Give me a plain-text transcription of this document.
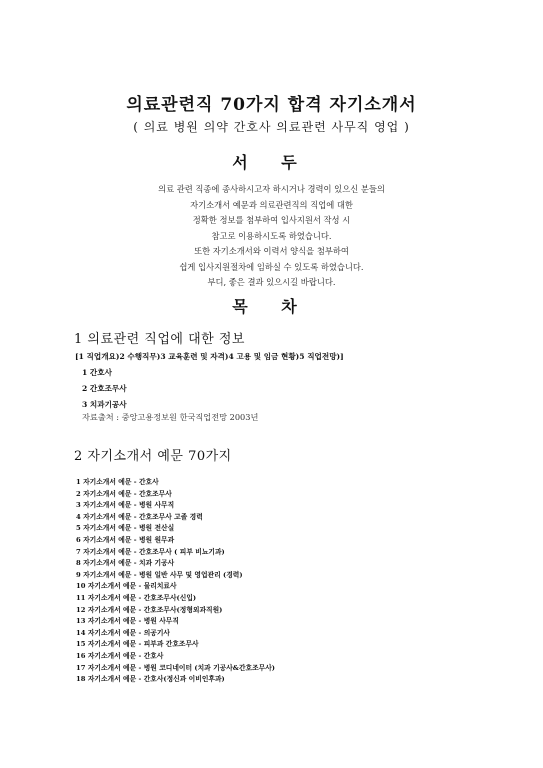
의료관련직 70가지 합격 자기소개서

( 의료 병원 의약 간호사 의료관련 사무직 영업 )

서 두
의료 관련 직종에 종사하시고자 하시거나 경력이 있으신 분들의
자기소개서 예문과 의료관련직의 직업에 대한
정확한 정보를 첨부하여 입사지원서 작성 시
참고로 이용하시도록 하였습니다.
또한 자기소개서와 이력서 양식을 첨부하여
쉽게 입사지원절차에 임하실 수 있도록 하였습니다.
부디, 좋은 결과 있으시길 바랍니다.
목 차
1 의료관련 직업에 대한 정보

[1 직업개요)2 수행직무)3 교육훈련 및 자격)4 고용 및 임금 현황)5 직업전망)]

1 간호사
2 간호조무사
3 치과기공사

자료출처 : 중앙고용정보원 한국직업전망 2003년

2 자기소개서 예문 70가지
1 자기소개서 예문 - 간호사
2 자기소개서 예문 - 간호조무사
3 자기소개서 예문 - 병원 사무직
4 자기소개서 예문 - 간호조무사 고졸 경력
5 자기소개서 예문 - 병원 전산실
6 자기소개서 예문 - 병원 원무과
7 자기소개서 예문 - 간호조무사 ( 피부 비뇨기과)
8 자기소개서 예문 - 치과 기공사
9 자기소개서 예문 - 병원 일반 사무 및 영업관리 (경력)
10 자기소개서 예문 - 물리치료사
11 자기소개서 예문 - 간호조무사(신입)
12 자기소개서 예문 - 간호조무사(정형외과직원)
13 자기소개서 예문 - 병원 사무직
14 자기소개서 예문 - 의공기사
15 자기소개서 예문 - 피부과 간호조무사
16 자기소개서 예문 - 간호사
17 자기소개서 예문 - 병원 코디네이터 (치과 기공사&간호조무사)
18 자기소개서 예문 - 간호사(정신과 이비인후과)
